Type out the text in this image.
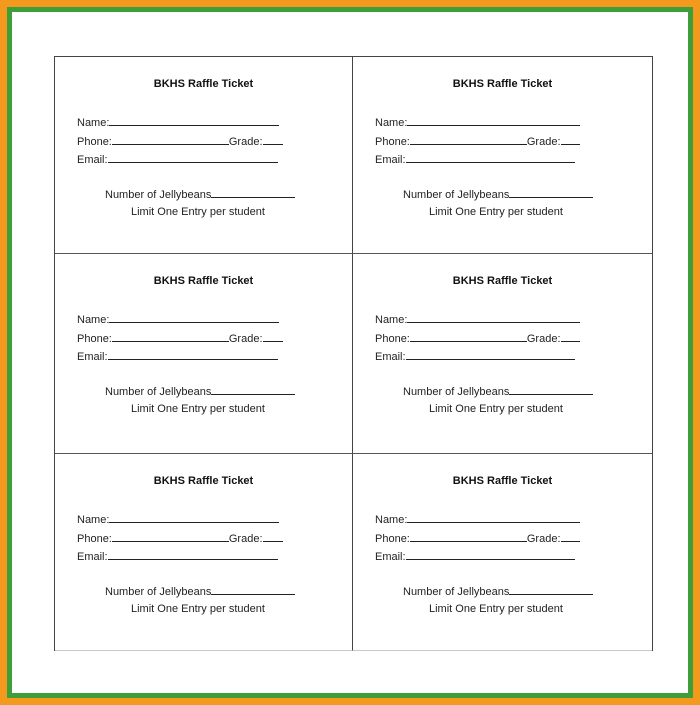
BKHS Raffle Ticket
Name:
Phone:	Grade:
Email:
Number of Jellybeans
Limit One Entry per student
BKHS Raffle Ticket
Name:
Phone:	Grade:
Email:
Number of Jellybeans
Limit One Entry per student
BKHS Raffle Ticket
Name:
Phone:	Grade:
Email:
Number of Jellybeans
Limit One Entry per student
BKHS Raffle Ticket
Name:
Phone:	Grade:
Email:
Number of Jellybeans
Limit One Entry per student
BKHS Raffle Ticket
Name:
Phone:	Grade:
Email:
Number of Jellybeans
Limit One Entry per student
BKHS Raffle Ticket
Name:
Phone:	Grade:
Email:
Number of Jellybeans
Limit One Entry per student
